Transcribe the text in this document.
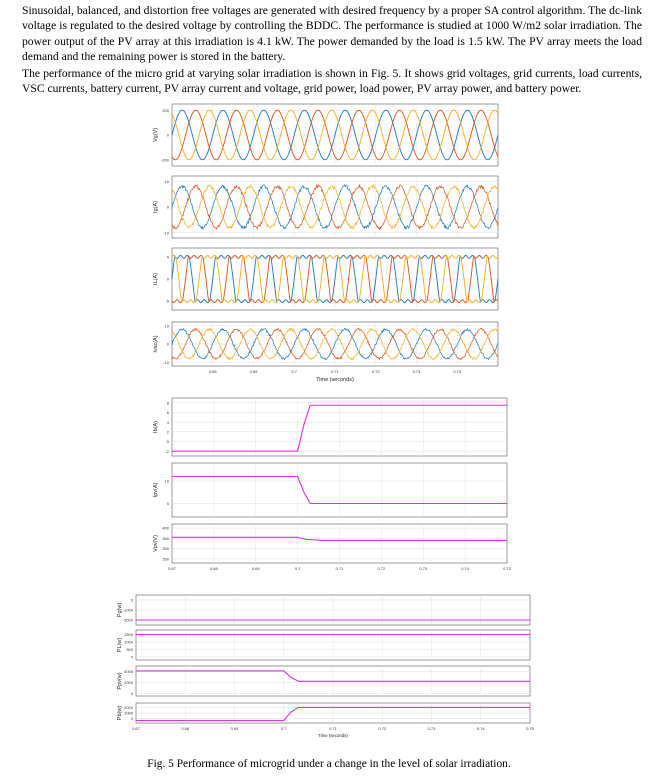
Sinusoidal, balanced, and distortion free voltages are generated with desired frequency by a proper SA control algorithm. The dc-link voltage is regulated to the desired voltage by controlling the BDDC. The performance is studied at 1000 W/m2 solar irradiation. The power output of the PV array at this irradiation is 4.1 kW. The power demanded by the load is 1.5 kW. The PV array meets the load demand and the remaining power is stored in the battery.

The performance of the micro grid at varying solar irradiation is shown in Fig. 5. It shows grid voltages, grid currents, load currents, VSC currents, battery current, PV array current and voltage, grid power, load power, PV array power, and battery power.

200
0
-200
Vg(V)
10
0
-10
Ig(A)
5
0
-5
IL(A)
10
0
-10
Ivsc(A)
0.68	0.69	0.7	0.71	0.72	0.73	0.74
Time (seconds)
8
6
4
2
0
-2
Ib(A)
10
5
Ipv(A)
400
350
300
250
Vpv(V)
0.67	0.68	0.69	0.7	0.71	0.72	0.73	0.74	0.75
0
-1000
-2000
Pg(w)
1500
1000
500
0
PL(w)
4000
2000
0
Ppv(w)
2000
1000
0
Pb(w)
0.67	0.68	0.69	0.7	0.71	0.72	0.73	0.74	0.75
Time (seconds)
Fig. 5 Performance of microgrid under a change in the level of solar irradiation.
